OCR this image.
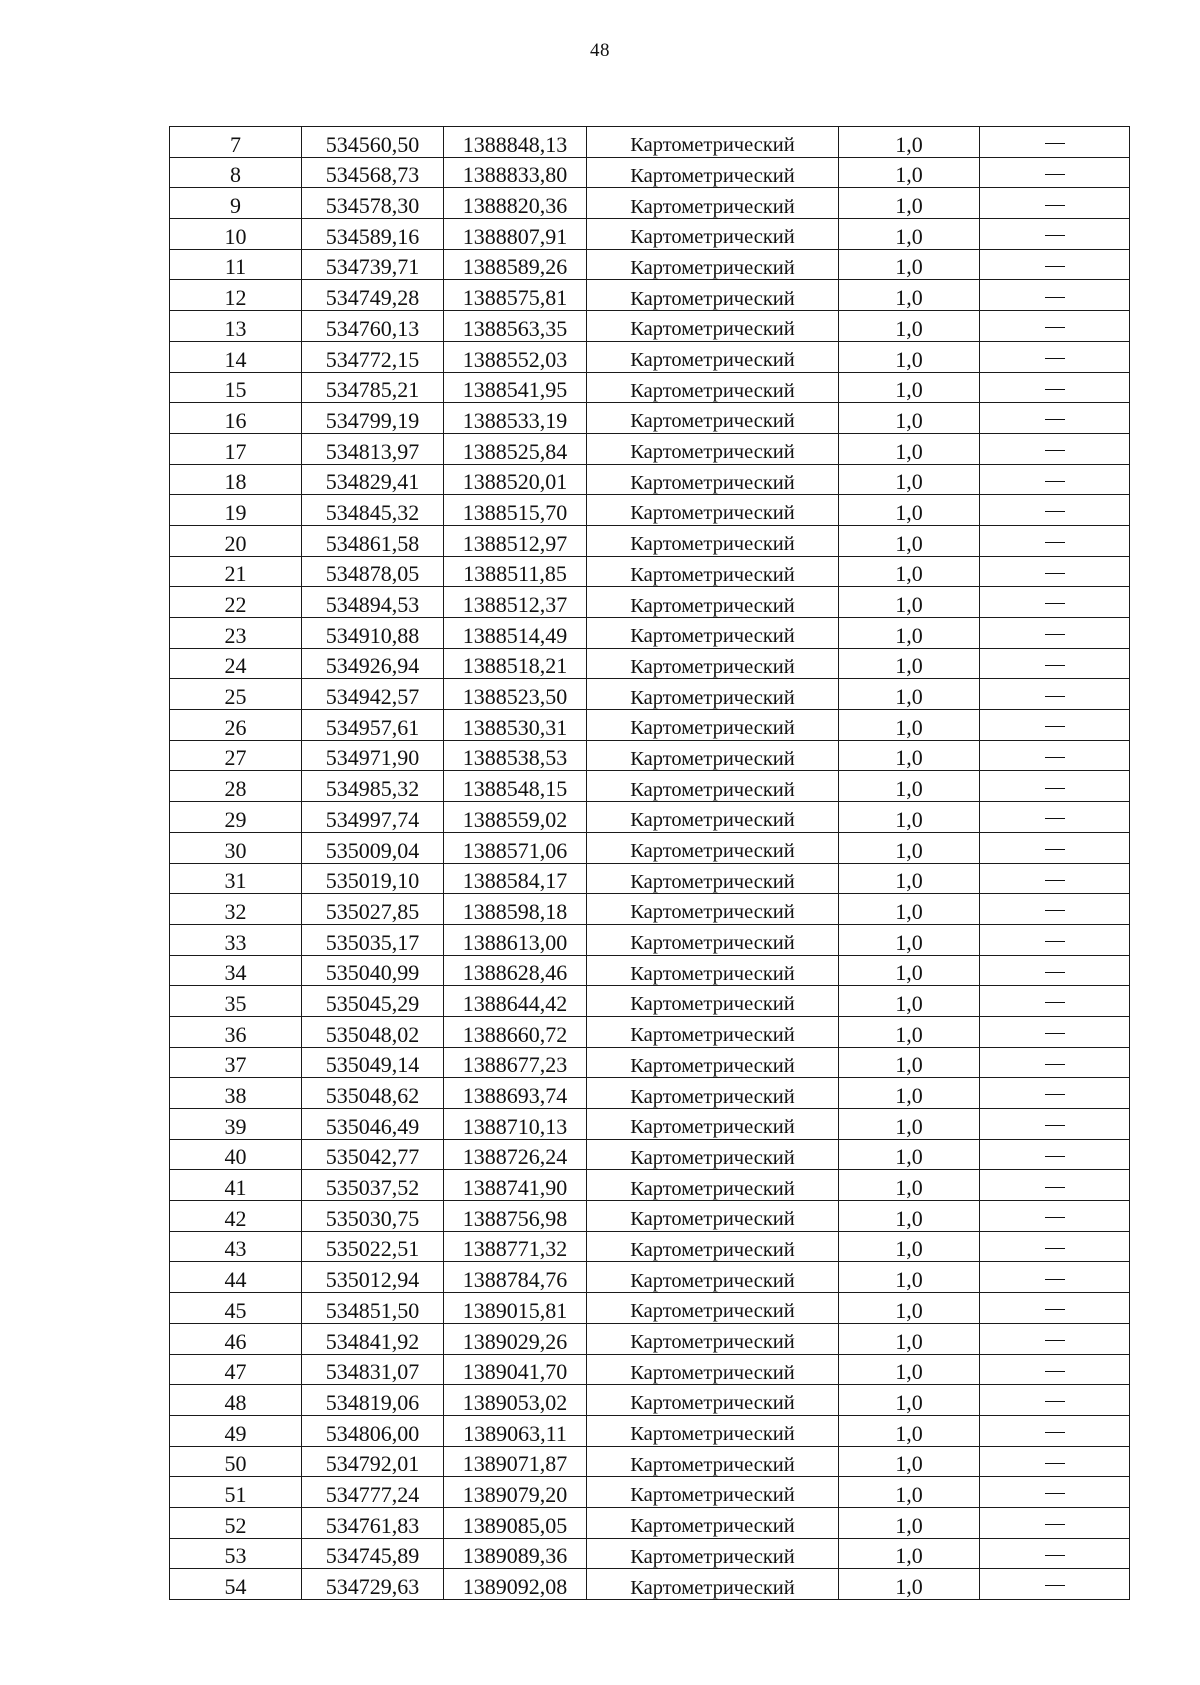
48
7	534560,50	1388848,13	Картометрический	1,0	
8	534568,73	1388833,80	Картометрический	1,0	
9	534578,30	1388820,36	Картометрический	1,0	
10	534589,16	1388807,91	Картометрический	1,0	
11	534739,71	1388589,26	Картометрический	1,0	
12	534749,28	1388575,81	Картометрический	1,0	
13	534760,13	1388563,35	Картометрический	1,0	
14	534772,15	1388552,03	Картометрический	1,0	
15	534785,21	1388541,95	Картометрический	1,0	
16	534799,19	1388533,19	Картометрический	1,0	
17	534813,97	1388525,84	Картометрический	1,0	
18	534829,41	1388520,01	Картометрический	1,0	
19	534845,32	1388515,70	Картометрический	1,0	
20	534861,58	1388512,97	Картометрический	1,0	
21	534878,05	1388511,85	Картометрический	1,0	
22	534894,53	1388512,37	Картометрический	1,0	
23	534910,88	1388514,49	Картометрический	1,0	
24	534926,94	1388518,21	Картометрический	1,0	
25	534942,57	1388523,50	Картометрический	1,0	
26	534957,61	1388530,31	Картометрический	1,0	
27	534971,90	1388538,53	Картометрический	1,0	
28	534985,32	1388548,15	Картометрический	1,0	
29	534997,74	1388559,02	Картометрический	1,0	
30	535009,04	1388571,06	Картометрический	1,0	
31	535019,10	1388584,17	Картометрический	1,0	
32	535027,85	1388598,18	Картометрический	1,0	
33	535035,17	1388613,00	Картометрический	1,0	
34	535040,99	1388628,46	Картометрический	1,0	
35	535045,29	1388644,42	Картометрический	1,0	
36	535048,02	1388660,72	Картометрический	1,0	
37	535049,14	1388677,23	Картометрический	1,0	
38	535048,62	1388693,74	Картометрический	1,0	
39	535046,49	1388710,13	Картометрический	1,0	
40	535042,77	1388726,24	Картометрический	1,0	
41	535037,52	1388741,90	Картометрический	1,0	
42	535030,75	1388756,98	Картометрический	1,0	
43	535022,51	1388771,32	Картометрический	1,0	
44	535012,94	1388784,76	Картометрический	1,0	
45	534851,50	1389015,81	Картометрический	1,0	
46	534841,92	1389029,26	Картометрический	1,0	
47	534831,07	1389041,70	Картометрический	1,0	
48	534819,06	1389053,02	Картометрический	1,0	
49	534806,00	1389063,11	Картометрический	1,0	
50	534792,01	1389071,87	Картометрический	1,0	
51	534777,24	1389079,20	Картометрический	1,0	
52	534761,83	1389085,05	Картометрический	1,0	
53	534745,89	1389089,36	Картометрический	1,0	
54	534729,63	1389092,08	Картометрический	1,0	
